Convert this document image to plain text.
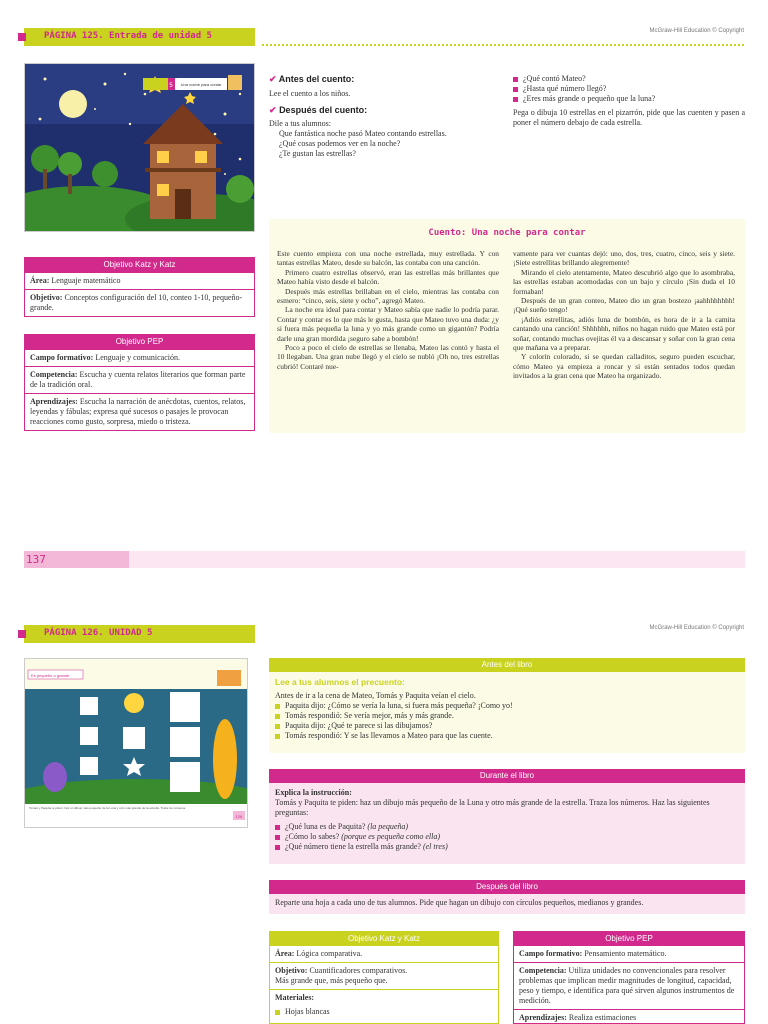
PÁGINA 125. Entrada de unidad 5	McGraw-Hill Education © Copyright
5 Una noche para contar
✔ Antes del cuento:
Lee el cuento a los niños.
✔ Después del cuento:
Dile a tus alumnos:
Que fantástica noche pasó Mateo contando estrellas.
¿Qué cosas podemos ver en la noche?
¿Te gustan las estrellas?
¿Qué contó Mateo?
¿Hasta qué número llegó?
¿Eres más grande o pequeño que la luna?
Pega o dibuja 10 estrellas en el pizarrón, pide que las cuenten y pasen a poner el número debajo de cada estrella.
Objetivo Katz y Katz
Área: Lenguaje matemático
Objetivo: Conceptos configuración del 10, conteo 1-10, pequeño-grande.
Objetivo PEP
Campo formativo: Lenguaje y comunicación.
Competencia: Escucha y cuenta relatos literarios que forman parte de la tradición oral.
Aprendizajes: Escucha la narración de anécdotas, cuentos, relatos, leyendas y fábulas; expresa qué sucesos o pasajes le provocan reacciones como gusto, sorpresa, miedo o tristeza.
Cuento: Una noche para contar

Este cuento empieza con una noche estrellada, muy estrellada. Y con tantas estrellas Mateo, desde su balcón, las contaba con una canción.

Primero cuatro estrellas observó, eran las estrellas más brillantes que Mateo había visto desde el balcón.

Después más estrellas brillaban en el cielo, mientras las contaba con esmero: “cinco, seis, siete y ocho”, agregó Mateo.

La noche era ideal para contar y Mateo sabía que nadie lo podría parar. Contar y contar es lo que más le gusta, hasta que Mateo tuvo una duda: ¿y si fuera más pequeña la luna y yo más grande como un gigantón? Podría darle una gran mordida ¡seguro sabe a bombón!

Poco a poco el cielo de estrellas se llenaba, Mateo las contó y hasta el 10 llegaban. Una gran nube llegó y el cielo se nubló ¡Oh no, tres estrellas cubrió! Contaré nue-

vamente para ver cuantas dejó: uno, dos, tres, cuatro, cinco, seis y siete. ¡Siete estrellitas brillando alegremente!

Mirando el cielo atentamente, Mateo descubrió algo que lo asombraba, las estrellas estaban acomodadas con un bajo y círculo ¡Sin duda el 10 formaban!

Después de un gran conteo, Mateo dio un gran bostezo ¡aahhhhhhhh! ¡Qué sueño tengo!

¡Adiós estrellitas, adiós luna de bombón, es hora de ir a la camita cantando una canción! Shhhhhh, niños no hagan ruido que Mateo está por soñar, contando muchas ovejitas él va a descansar y soñar con la gran cena que mañana va a preparar.

Y colorín colorado, si se quedan calladitos, seguro pueden escuchar, cómo Mateo ya empieza a roncar y si están sentados todos quedan invitados a la gran cena que Mateo ha organizado.

137
PÁGINA 126. UNIDAD 5	McGraw-Hill Education © Copyright
Es pequeño o grande
Tomás y Paquita te piden: haz un dibujo más pequeño de la Luna y otro más grande de la estrella. Traza los números.
126
Antes del libro
Lee a tus alumnos el precuento:
Antes de ir a la cena de Mateo, Tomás y Paquita veían el cielo.
Paquita dijo: ¿Cómo se vería la luna, si fuera más pequeña? ¡Como yo!
Tomás respondió: Se vería mejor, más y más grande.
Paquita dijo: ¿Qué te parece si las dibujamos?
Tomás respondió: Y se las llevamos a Mateo para que las cuente.
Durante el libro
Explica la instrucción:
Tomás y Paquita te piden: haz un dibujo más pequeño de la Luna y otro más grande de la estrella. Traza los números. Haz las siguientes preguntas:
¿Qué luna es de Paquita? (la pequeña)
¿Cómo lo sabes? (porque es pequeña como ella)
¿Qué número tiene la estrella más grande? (el tres)
Después del libro
Reparte una hoja a cada uno de tus alumnos. Pide que hagan un dibujo con círculos pequeños, medianos y grandes.
Objetivo Katz y Katz
Área: Lógica comparativa.
Objetivo: Cuantificadores comparativos.
Más grande que, más pequeño que.
Materiales:
Hojas blancas
Objetivo PEP
Campo formativo: Pensamiento matemático.
Competencia: Utiliza unidades no convencionales para resolver problemas que implican medir magnitudes de longitud, capacidad, peso y tiempo, e identifica para qué sirven algunos instrumentos de medición.
Aprendizajes: Realiza estimaciones
